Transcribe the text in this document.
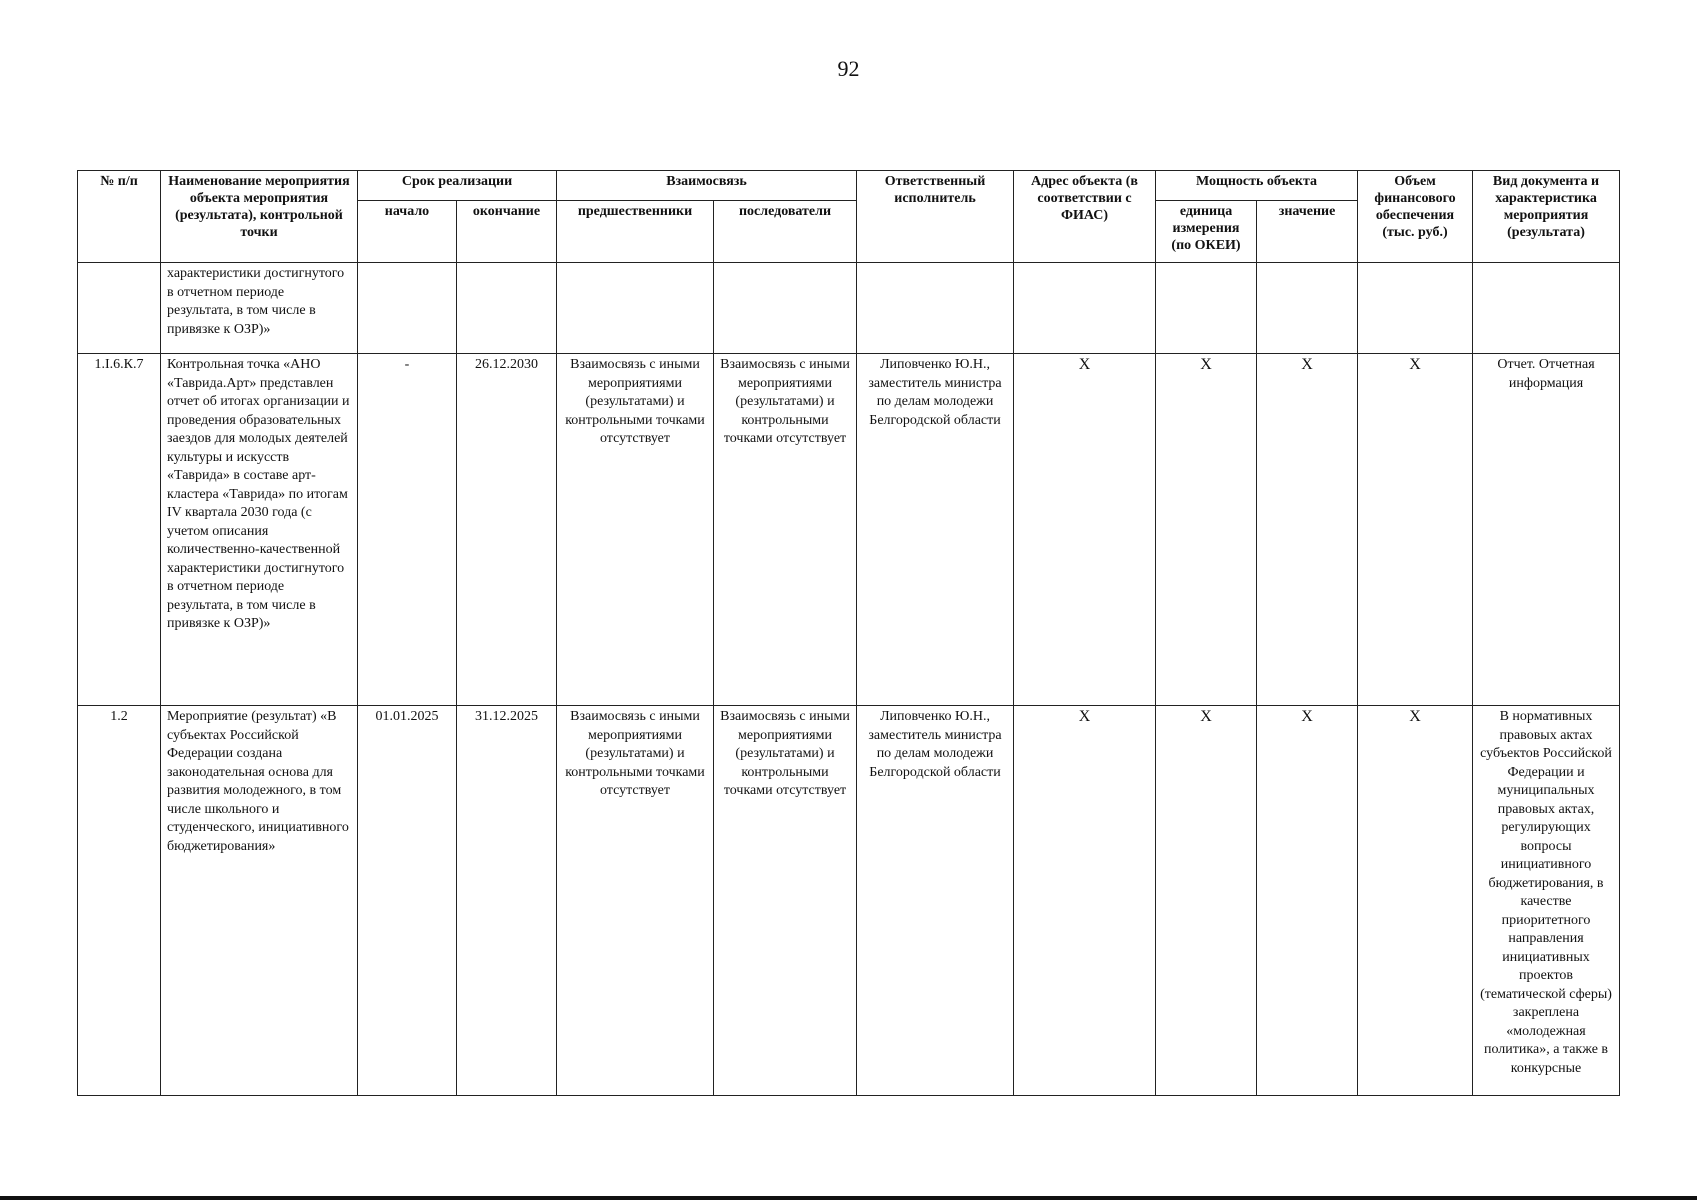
92
№ п/п	Наименование мероприятия объекта мероприятия (результата), контрольной точки	Срок реализации		Взаимосвязь		Ответственный исполнитель	Адрес объекта (в соответствии с ФИАС)	Мощность объекта		Объем финансового обеспечения (тыс. руб.)	Вид документа и характеристика мероприятия (результата)
		начало	окончание	предшественники	последователи			единица измерения (по ОКЕИ)	значение		
	характеристики достигнутого в отчетном периоде результата, в том числе в привязке к ОЗР)»										
1.I.6.К.7	Контрольная точка «АНО «Таврида.Арт» представлен отчет об итогах организации и проведения образовательных заездов для молодых деятелей культуры и искусств «Таврида» в составе арт-кластера «Таврида» по итогам IV квартала 2030 года (с учетом описания количественно-качественной характеристики достигнутого в отчетном периоде результата, в том числе в привязке к ОЗР)»	-	26.12.2030	Взаимосвязь с иными мероприятиями (результатами) и контрольными точками отсутствует	Взаимосвязь с иными мероприятиями (результатами) и контрольными точками отсутствует	Липовченко Ю.Н., заместитель министра по делам молодежи Белгородской области	X	X	X	X	Отчет. Отчетная информация
1.2	Мероприятие (результат) «В субъектах Российской Федерации создана законодательная основа для развития молодежного, в том числе школьного и студенческого, инициативного бюджетирования»	01.01.2025	31.12.2025	Взаимосвязь с иными мероприятиями (результатами) и контрольными точками отсутствует	Взаимосвязь с иными мероприятиями (результатами) и контрольными точками отсутствует	Липовченко Ю.Н., заместитель министра по делам молодежи Белгородской области	X	X	X	X	В нормативных правовых актах субъектов Российской Федерации и муниципальных правовых актах, регулирующих вопросы инициативного бюджетирования, в качестве приоритетного направления инициативных проектов (тематической сферы) закреплена «молодежная политика», а также в конкурсные
